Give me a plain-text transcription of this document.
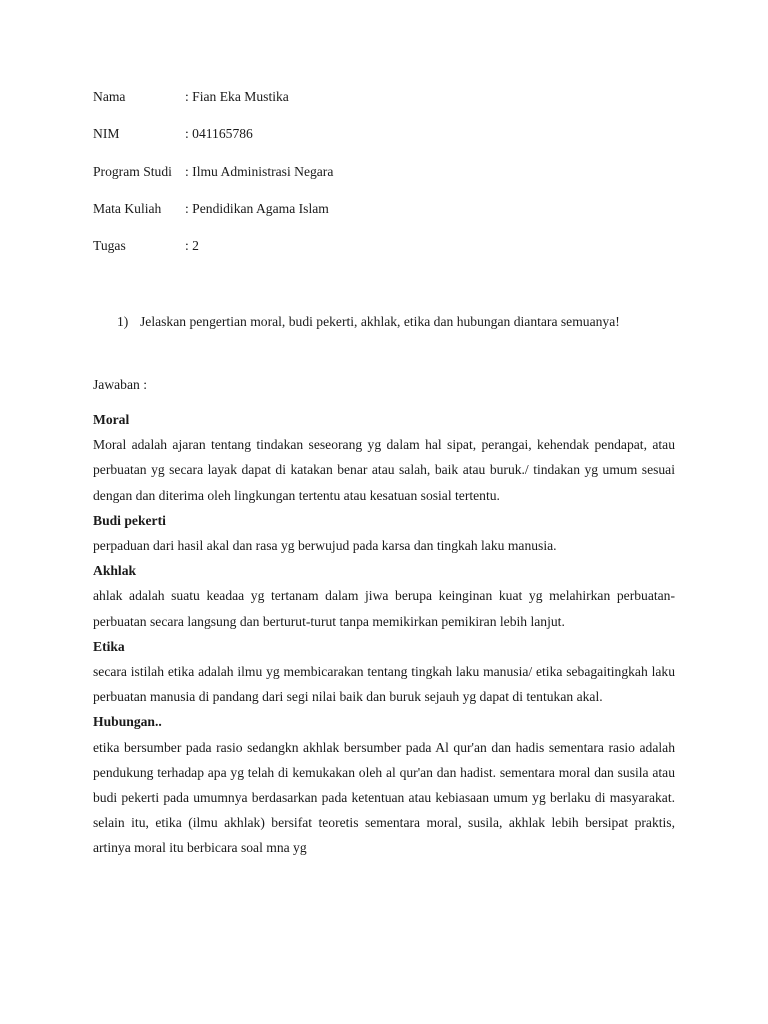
Nama	: Fian Eka Mustika
NIM	: 041165786
Program Studi : Ilmu Administrasi Negara
Mata Kuliah : Pendidikan Agama Islam
Tugas	: 2
1) Jelaskan pengertian moral, budi pekerti, akhlak, etika dan hubungan diantara semuanya!
Jawaban :
Moral
Moral adalah ajaran tentang tindakan seseorang yg dalam hal sipat, perangai, kehendak pendapat, atau perbuatan yg secara layak dapat di katakan benar atau salah, baik atau buruk./ tindakan yg umum sesuai dengan dan diterima oleh lingkungan tertentu atau kesatuan sosial tertentu.
Budi pekerti
perpaduan dari hasil akal dan rasa yg berwujud pada karsa dan tingkah laku manusia.
Akhlak
ahlak adalah suatu keadaa yg tertanam dalam jiwa berupa keinginan kuat yg melahirkan perbuatan-perbuatan secara langsung dan berturut-turut tanpa memikirkan pemikiran lebih lanjut.
Etika
secara istilah etika adalah ilmu yg membicarakan tentang tingkah laku manusia/ etika sebagaitingkah laku perbuatan manusia di pandang dari segi nilai baik dan buruk sejauh yg dapat di tentukan akal.
Hubungan..
etika bersumber pada rasio sedangkn akhlak bersumber pada Al qur'an dan hadis sementara rasio adalah pendukung terhadap apa yg telah di kemukakan oleh al qur'an dan hadist. sementara moral dan susila atau budi pekerti pada umumnya berdasarkan pada ketentuan atau kebiasaan umum yg berlaku di masyarakat. selain itu, etika (ilmu akhlak) bersifat teoretis sementara moral, susila, akhlak lebih bersipat praktis, artinya moral itu berbicara soal mna yg
